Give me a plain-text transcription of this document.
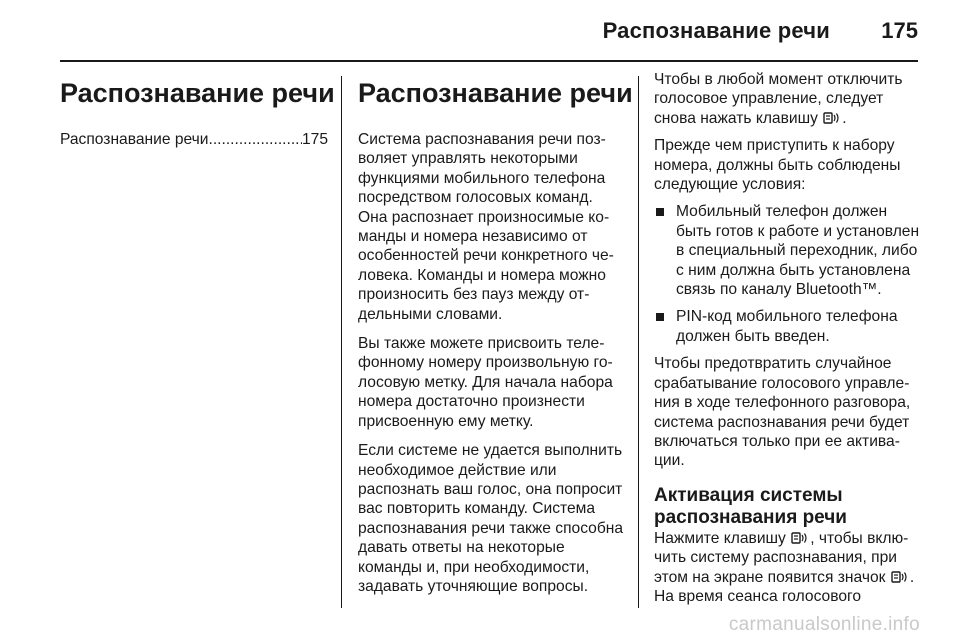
Распознавание речи 175
Распознавание речи
Распознавание речи
.....	175
Распознавание речи

Система распознавания речи позволяет управлять некоторыми функциями мобильного телефона посредством голосовых команд. Она распознает произносимые команды и номера независимо от особенностей речи конкретного человека. Команды и номера можно произносить без пауз между отдельными словами.

Вы также можете присвоить телефонному номеру произвольную голосовую метку. Для начала набора номера достаточно произнести присвоенную ему метку.

Если системе не удается выполнить необходимое действие или распознать ваш голос, она попросит вас повторить команду. Система распознавания речи также способна давать ответы на некоторые команды и, при необходимости, задавать уточняющие вопросы.

Чтобы в любой момент отключить голосовое управление, следует снова нажать клавишу .

Прежде чем приступить к набору номера, должны быть соблюдены следующие условия:

Мобильный телефон должен быть готов к работе и установлен в специальный переходник, либо с ним должна быть установлена связь по каналу Bluetooth™.
PIN-код мобильного телефона должен быть введен.

Чтобы предотвратить случайное срабатывание голосового управления в ходе телефонного разговора, система распознавания речи будет включаться только при ее активации.

Активация системы распознавания речи

Нажмите клавишу , чтобы включить систему распознавания, при этом на экране появится значок . На время сеанса голосового

carmanualsonline.info
